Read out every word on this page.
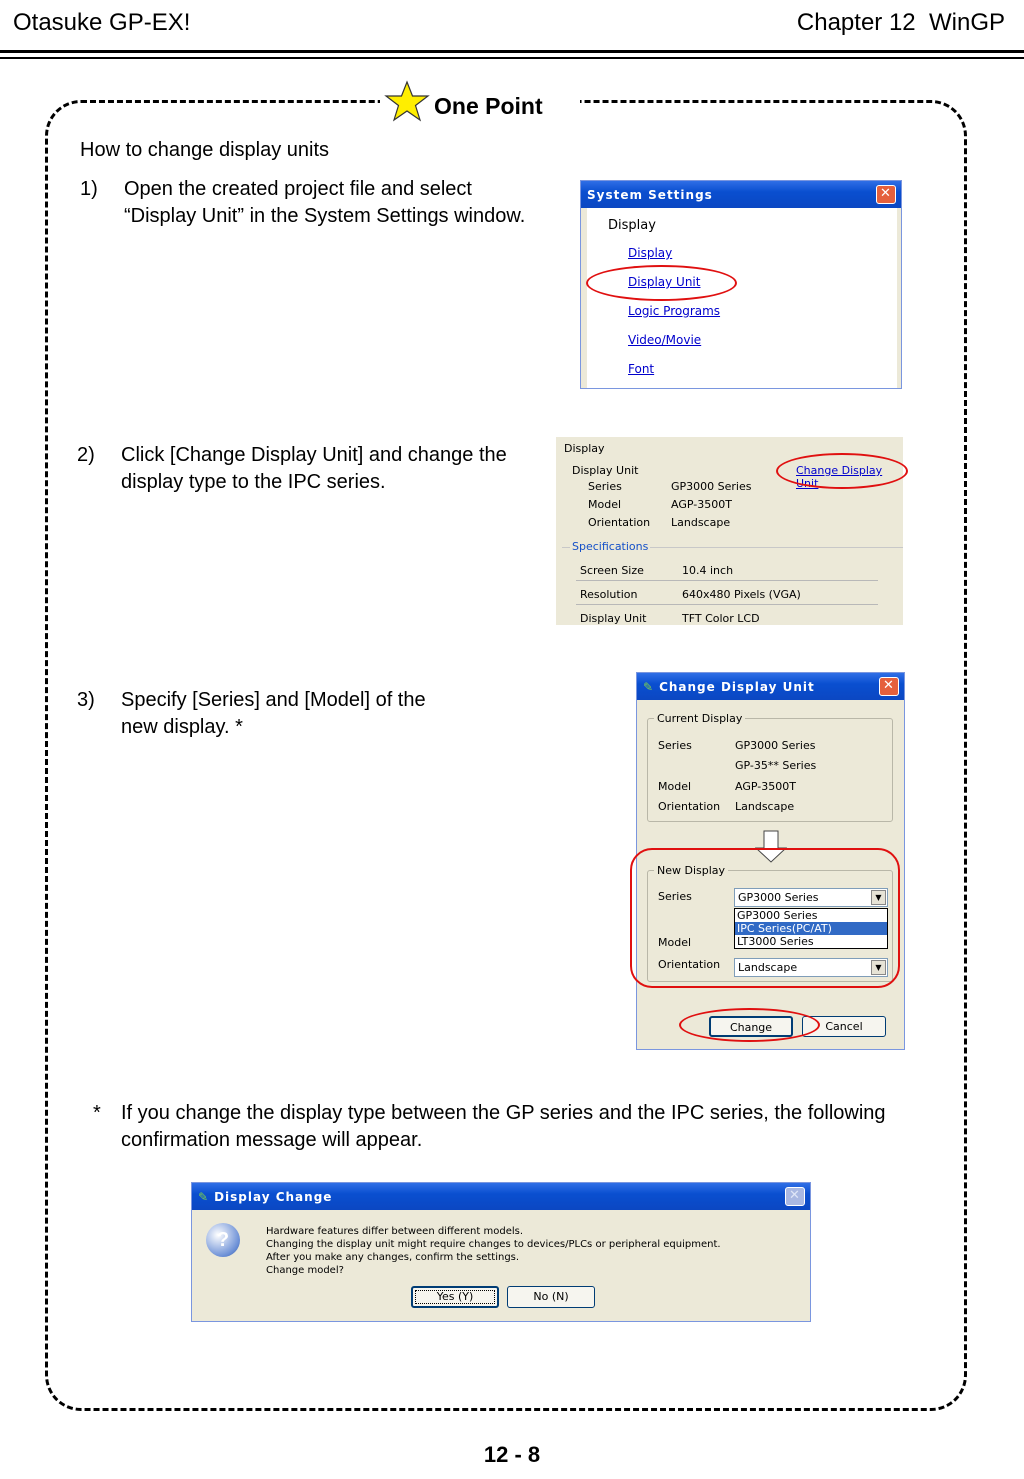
Otasuke GP-EX!	Chapter 12  WinGP
One Point
How to change display units
1)	Open the created project file and select “Display Unit” in the System Settings window.
System Settings	✕
Display
Display
Display Unit
Logic Programs
Video/Movie
Font
2)	Click [Change Display Unit] and change the display type to the IPC series.
Display
Display Unit	Change Display Unit
Series	GP3000 Series
Model	AGP-3500T
Orientation Landscape
Specifications
Screen Size	10.4 inch
Resolution	640x480 Pixels (VGA)
Display Unit	TFT Color LCD
3)	Specify [Series] and [Model] of the new display. *
✎ Change Display Unit	✕
Current Display
Series	GP3000 Series
GP-35** Series
Model	AGP-3500T
Orientation Landscape
New Display
Series	GP3000 Series	▼
GP3000 Series
IPC Series(PC/AT)
LT3000 Series
Model
Orientation	Landscape	▼
Change	Cancel
* If you change the display type between the GP series and the IPC series, the following confirmation message will appear.
✎ Display Change	✕
?	Hardware features differ between different models.
Changing the display unit might require changes to devices/PLCs or peripheral equipment.
After you make any changes, confirm the settings.
Change model?
Yes (Y)	No (N)
12 - 8
